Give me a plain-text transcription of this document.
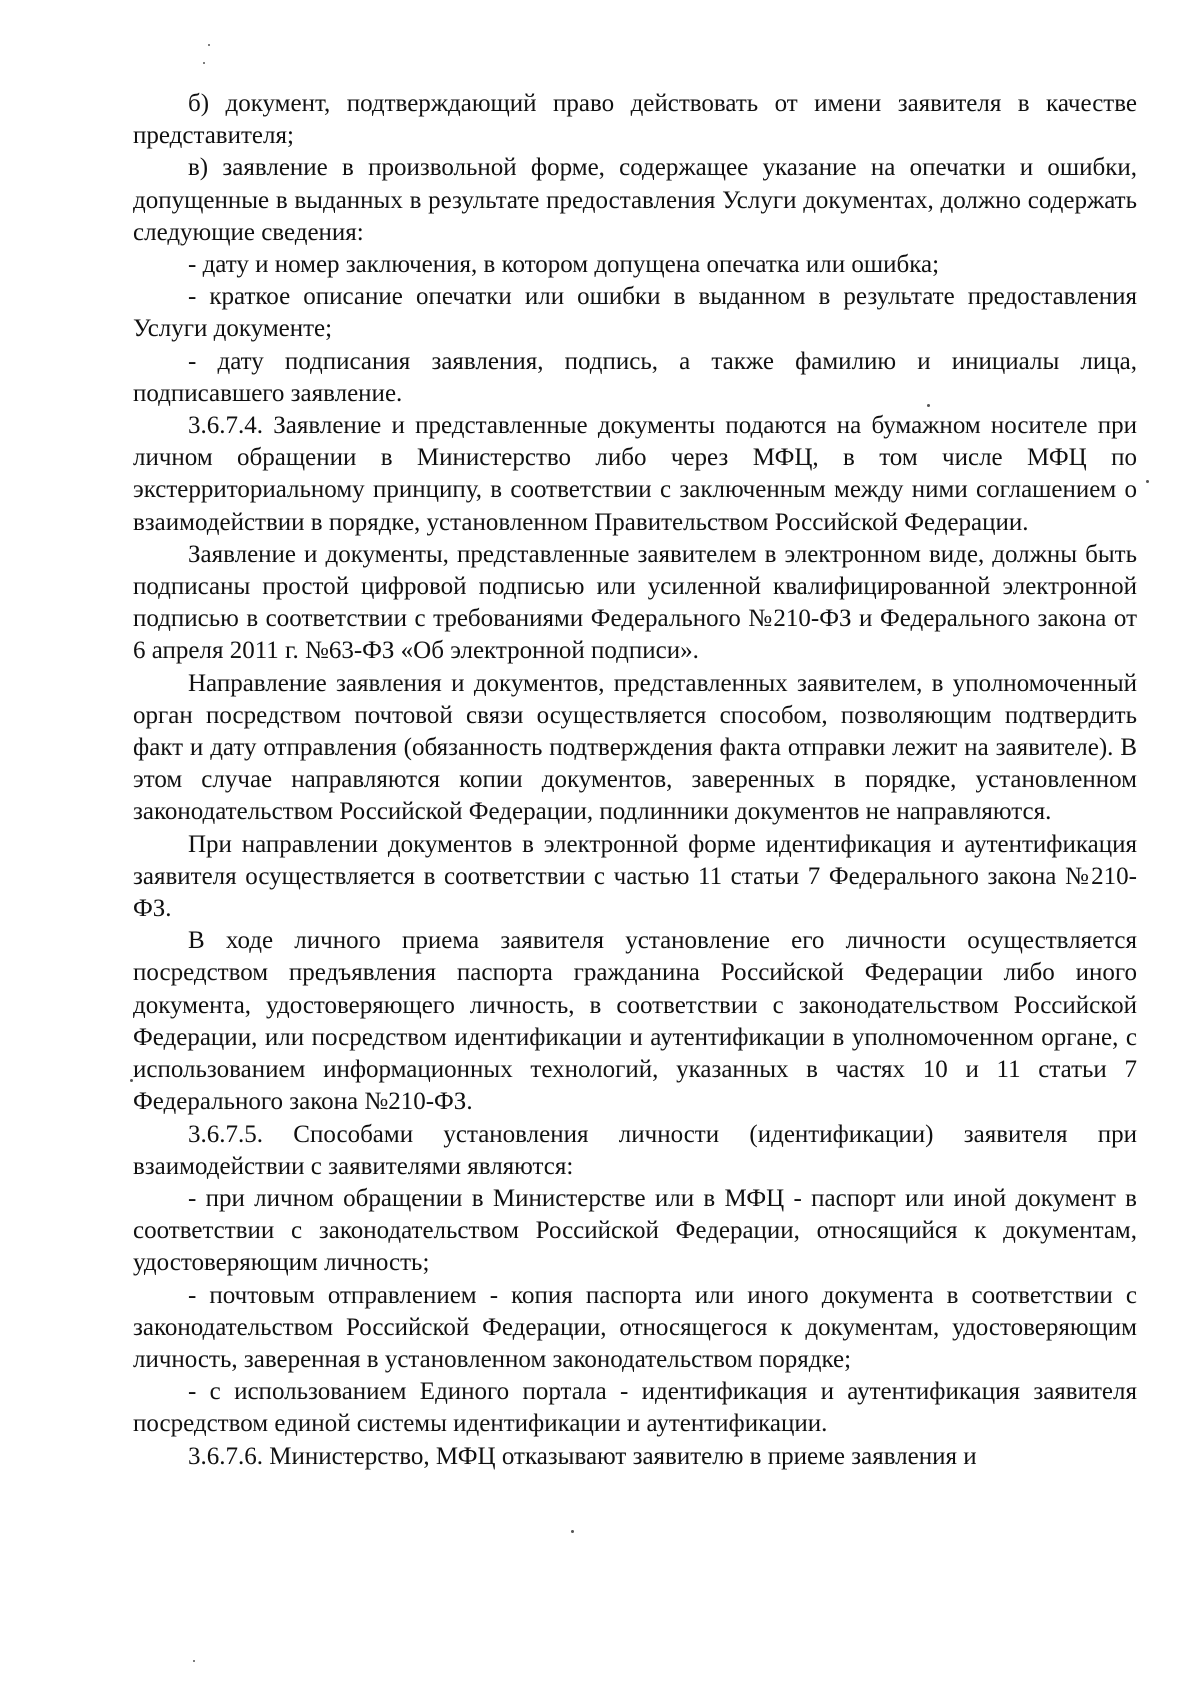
б) документ, подтверждающий право действовать от имени заявителя в качестве представителя;

в) заявление в произвольной форме, содержащее указание на опечатки и ошибки, допущенные в выданных в результате предоставления Услуги документах, должно содержать следующие сведения:

- дату и номер заключения, в котором допущена опечатка или ошибка;

- краткое описание опечатки или ошибки в выданном в результате предоставления Услуги документе;

- дату подписания заявления, подпись, а также фамилию и инициалы лица, подписавшего заявление.

3.6.7.4. Заявление и представленные документы подаются на бумажном носителе при личном обращении в Министерство либо через МФЦ, в том числе МФЦ по экстерриториальному принципу, в соответствии с заключенным между ними соглашением о взаимодействии в порядке, установленном Правительством Российской Федерации.

Заявление и документы, представленные заявителем в электронном виде, должны быть подписаны простой цифровой подписью или усиленной квалифицированной электронной подписью в соответствии с требованиями Федерального №210-ФЗ и Федерального закона от 6 апреля 2011 г. №63-ФЗ «Об электронной подписи».

Направление заявления и документов, представленных заявителем, в уполномоченный орган посредством почтовой связи осуществляется способом, позволяющим подтвердить факт и дату отправления (обязанность подтверждения факта отправки лежит на заявителе). В этом случае направляются копии документов, заверенных в порядке, установленном законодательством Российской Федерации, подлинники документов не направляются.

При направлении документов в электронной форме идентификация и аутентификация заявителя осуществляется в соответствии с частью 11 статьи 7 Федерального закона №210-ФЗ.

В ходе личного приема заявителя установление его личности осуществляется посредством предъявления паспорта гражданина Российской Федерации либо иного документа, удостоверяющего личность, в соответствии с законодательством Российской Федерации, или посредством идентификации и аутентификации в уполномоченном органе, с использованием информационных технологий, указанных в частях 10 и 11 статьи 7 Федерального закона №210-ФЗ.

3.6.7.5. Способами установления личности (идентификации) заявителя при взаимодействии с заявителями являются:

- при личном обращении в Министерстве или в МФЦ - паспорт или иной документ в соответствии с законодательством Российской Федерации, относящийся к документам, удостоверяющим личность;

- почтовым отправлением - копия паспорта или иного документа в соответствии с законодательством Российской Федерации, относящегося к документам, удостоверяющим личность, заверенная в установленном законодательством порядке;

- с использованием Единого портала - идентификация и аутентификация заявителя посредством единой системы идентификации и аутентификации.

3.6.7.6. Министерство, МФЦ отказывают заявителю в приеме заявления и
